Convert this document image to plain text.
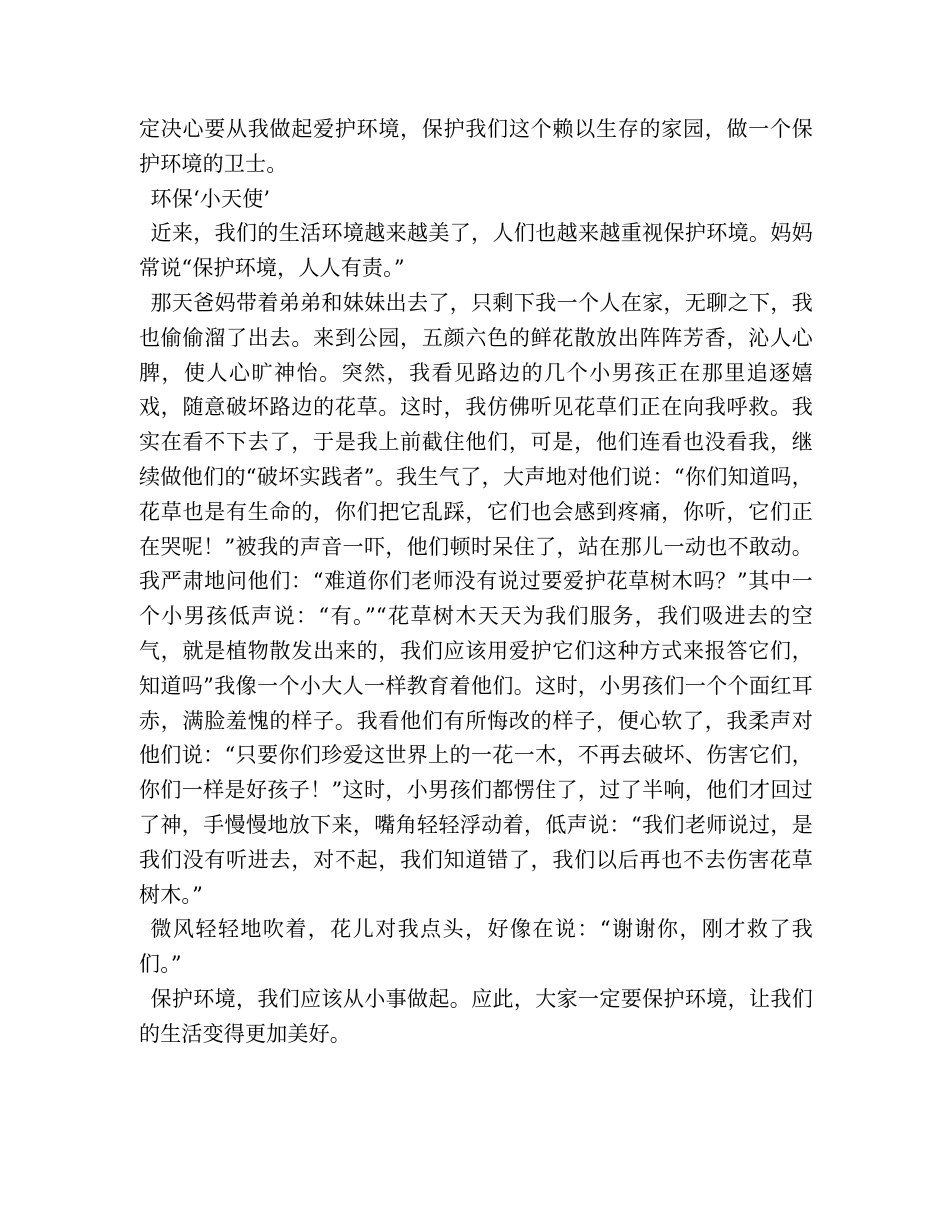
定决心要从我做起爱护环境，保护我们这个赖以生存的家园，做一个保护环境的卫士。

环保‘小天使’

近来，我们的生活环境越来越美了，人们也越来越重视保护环境。妈妈常说“保护环境，人人有责。”

那天爸妈带着弟弟和妹妹出去了，只剩下我一个人在家，无聊之下，我也偷偷溜了出去。来到公园，五颜六色的鲜花散放出阵阵芳香，沁人心脾，使人心旷神怡。突然，我看见路边的几个小男孩正在那里追逐嬉戏，随意破坏路边的花草。这时，我仿佛听见花草们正在向我呼救。我实在看不下去了，于是我上前截住他们，可是，他们连看也没看我，继续做他们的“破坏实践者”。我生气了，大声地对他们说：“你们知道吗，花草也是有生命的，你们把它乱踩，它们也会感到疼痛，你听，它们正在哭呢！”被我的声音一吓，他们顿时呆住了，站在那儿一动也不敢动。我严肃地问他们：“难道你们老师没有说过要爱护花草树木吗？”其中一个小男孩低声说：“有。”“花草树木天天为我们服务，我们吸进去的空气，就是植物散发出来的，我们应该用爱护它们这种方式来报答它们，知道吗”我像一个小大人一样教育着他们。这时，小男孩们一个个面红耳赤，满脸羞愧的样子。我看他们有所悔改的样子，便心软了，我柔声对他们说：“只要你们珍爱这世界上的一花一木，不再去破坏、伤害它们，你们一样是好孩子！”这时，小男孩们都愣住了，过了半响，他们才回过了神，手慢慢地放下来，嘴角轻轻浮动着，低声说：“我们老师说过，是我们没有听进去，对不起，我们知道错了，我们以后再也不去伤害花草树木。”

微风轻轻地吹着，花儿对我点头，好像在说：“谢谢你，刚才救了我们。”

保护环境，我们应该从小事做起。应此，大家一定要保护环境，让我们的生活变得更加美好。
